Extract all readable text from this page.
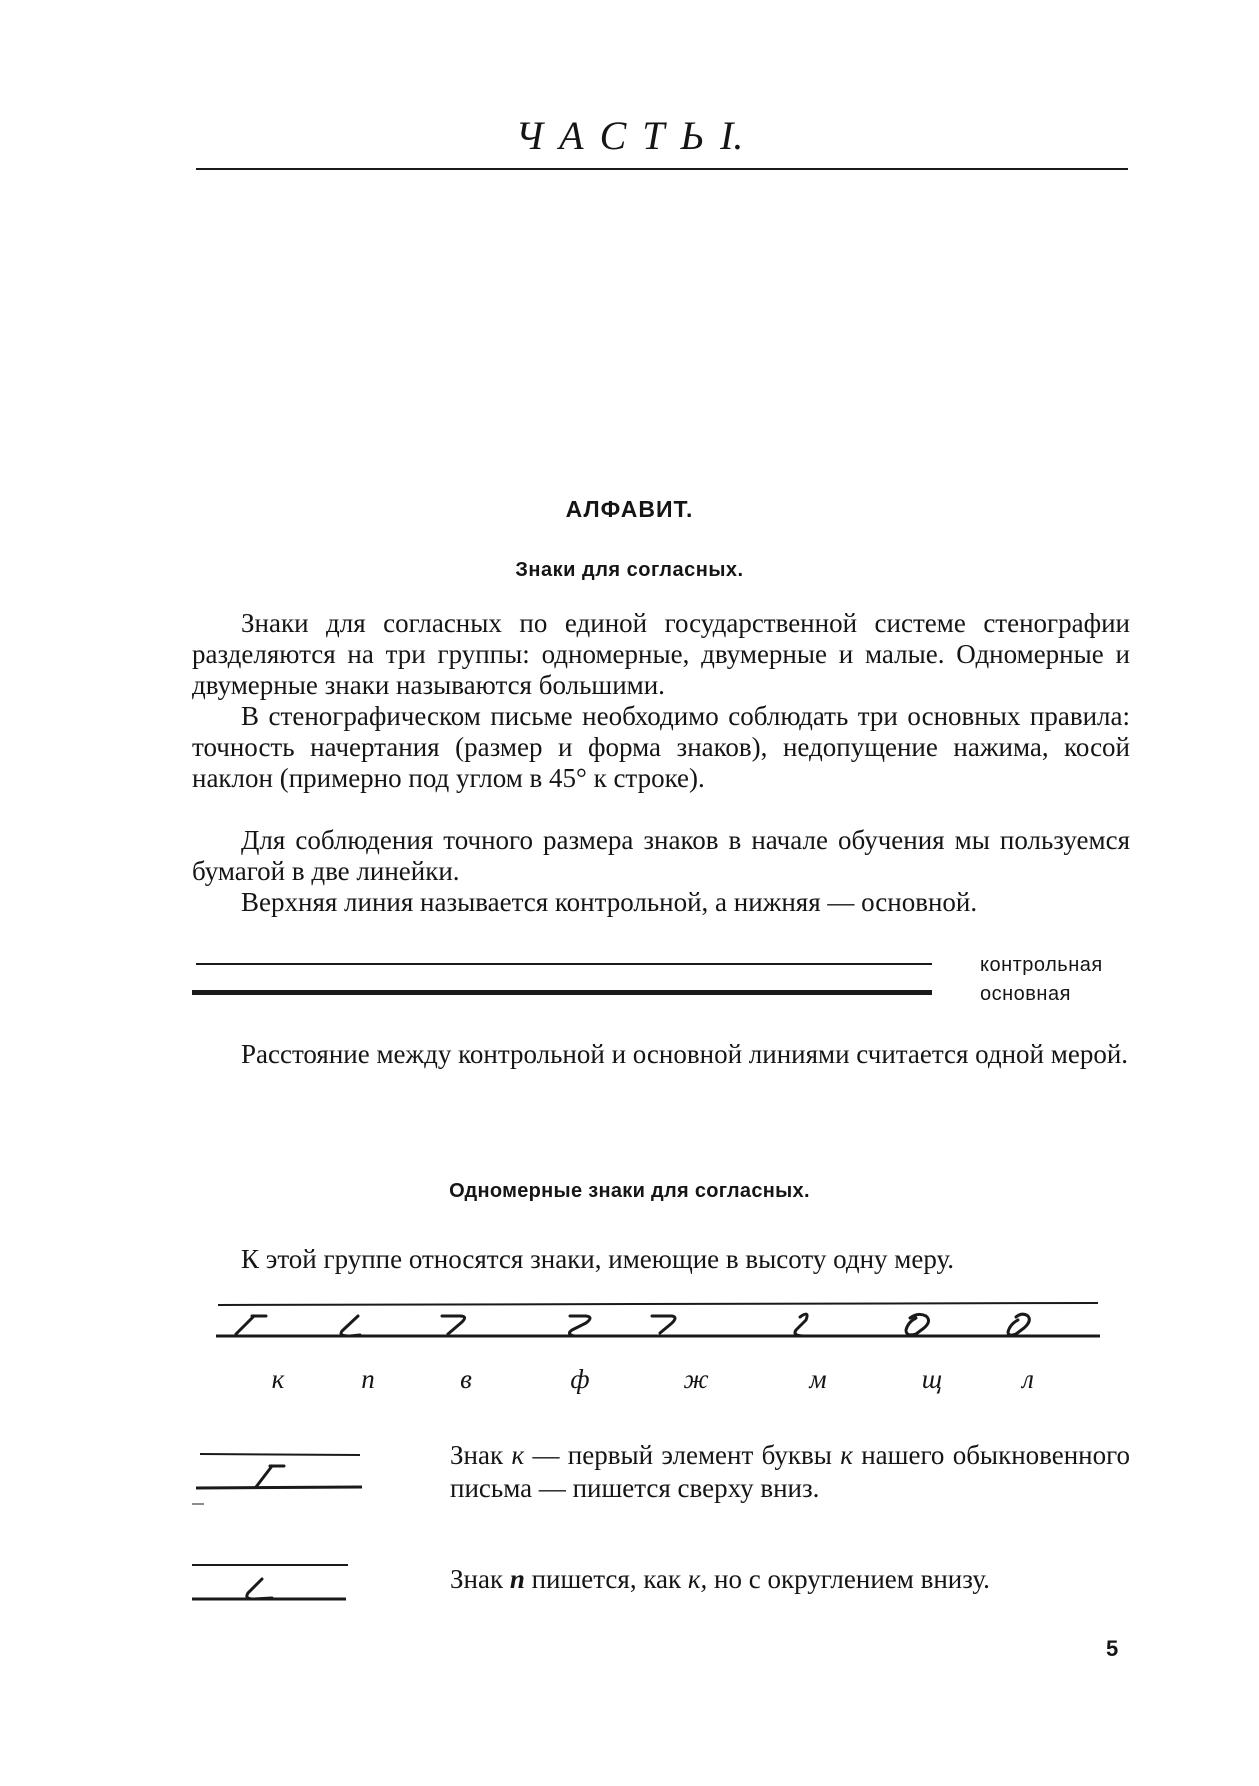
Ч А С Т Ь I.
АЛФАВИТ.
Знаки для согласных.

Знаки для согласных по единой государственной системе стенографии разделяются на три группы: одномерные, двумерные и малые. Одномерные и двумерные знаки называются большими.

В стенографическом письме необходимо соблюдать три основных правила: точность начертания (размер и форма знаков), недопущение нажима, косой наклон (примерно под углом в 45° к строке).

Для соблюдения точного размера знаков в начале обучения мы пользуемся бумагой в две линейки.

Верхняя линия называется контрольной, а нижняя — основной.

контрольная
основная

Расстояние между контрольной и основной линиями считается одной мерой.

Одномерные знаки для согласных.

К этой группе относятся знаки, имеющие в высоту одну меру.

к	п	в	ф	ж	м	щ	л

Знак к — первый элемент буквы к нашего обыкновенного письма — пишется сверху вниз.

Знак п пишется, как к, но с округлением внизу.

5
